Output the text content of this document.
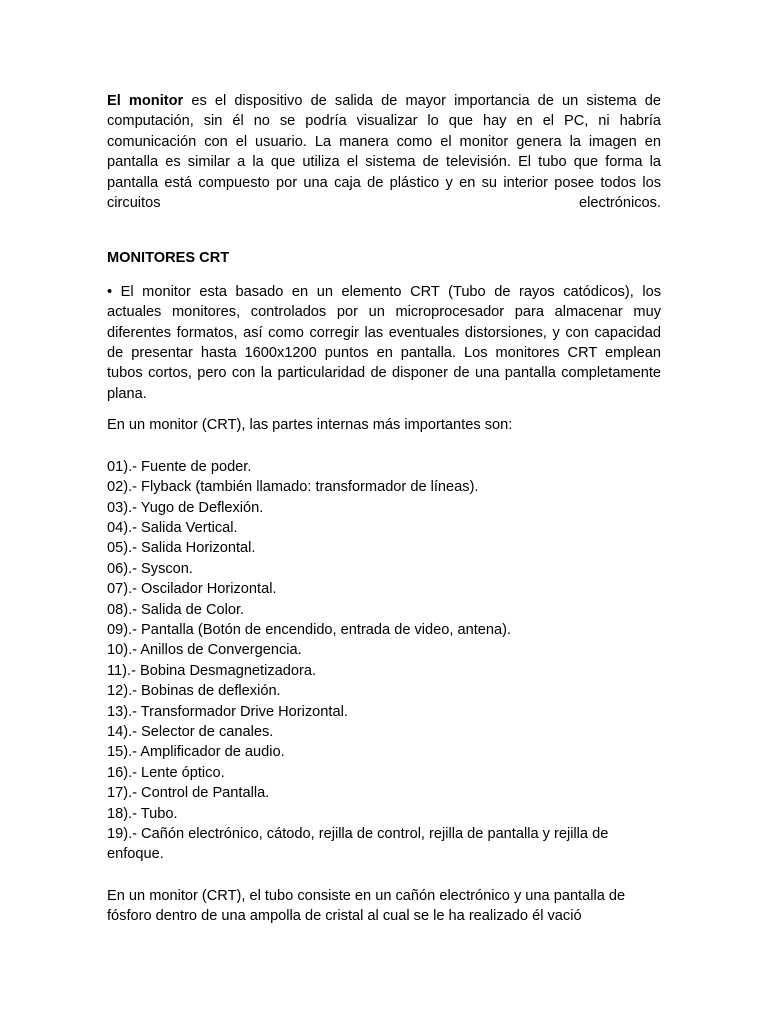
El monitor es el dispositivo de salida de mayor importancia de un sistema de computación, sin él no se podría visualizar lo que hay en el PC, ni habría comunicación con el usuario. La manera como el monitor genera la imagen en pantalla es similar a la que utiliza el sistema de televisión. El tubo que forma la pantalla está compuesto por una caja de plástico y en su interior posee todos los circuitos electrónicos.

MONITORES CRT

• El monitor esta basado en un elemento CRT (Tubo de rayos catódicos), los actuales monitores, controlados por un microprocesador para almacenar muy diferentes formatos, así como corregir las eventuales distorsiones, y con capacidad de presentar hasta 1600x1200 puntos en pantalla. Los monitores CRT emplean tubos cortos, pero con la particularidad de disponer de una pantalla completamente plana.

En un monitor (CRT), las partes internas más importantes son:

01).- Fuente de poder.
02).- Flyback (también llamado: transformador de líneas).
03).- Yugo de Deflexión.
04).- Salida Vertical.
05).- Salida Horizontal.
06).- Syscon.
07).- Oscilador Horizontal.
08).- Salida de Color.
09).- Pantalla (Botón de encendido, entrada de video, antena).
10).- Anillos de Convergencia.
11).- Bobina Desmagnetizadora.
12).- Bobinas de deflexión.
13).- Transformador Drive Horizontal.
14).- Selector de canales.
15).- Amplificador de audio.
16).- Lente óptico.
17).- Control de Pantalla.
18).- Tubo.
19).- Cañón electrónico, cátodo, rejilla de control, rejilla de pantalla y rejilla de enfoque.

En un monitor (CRT), el tubo consiste en un cañón electrónico y una pantalla de fósforo dentro de una ampolla de cristal al cual se le ha realizado él vació
